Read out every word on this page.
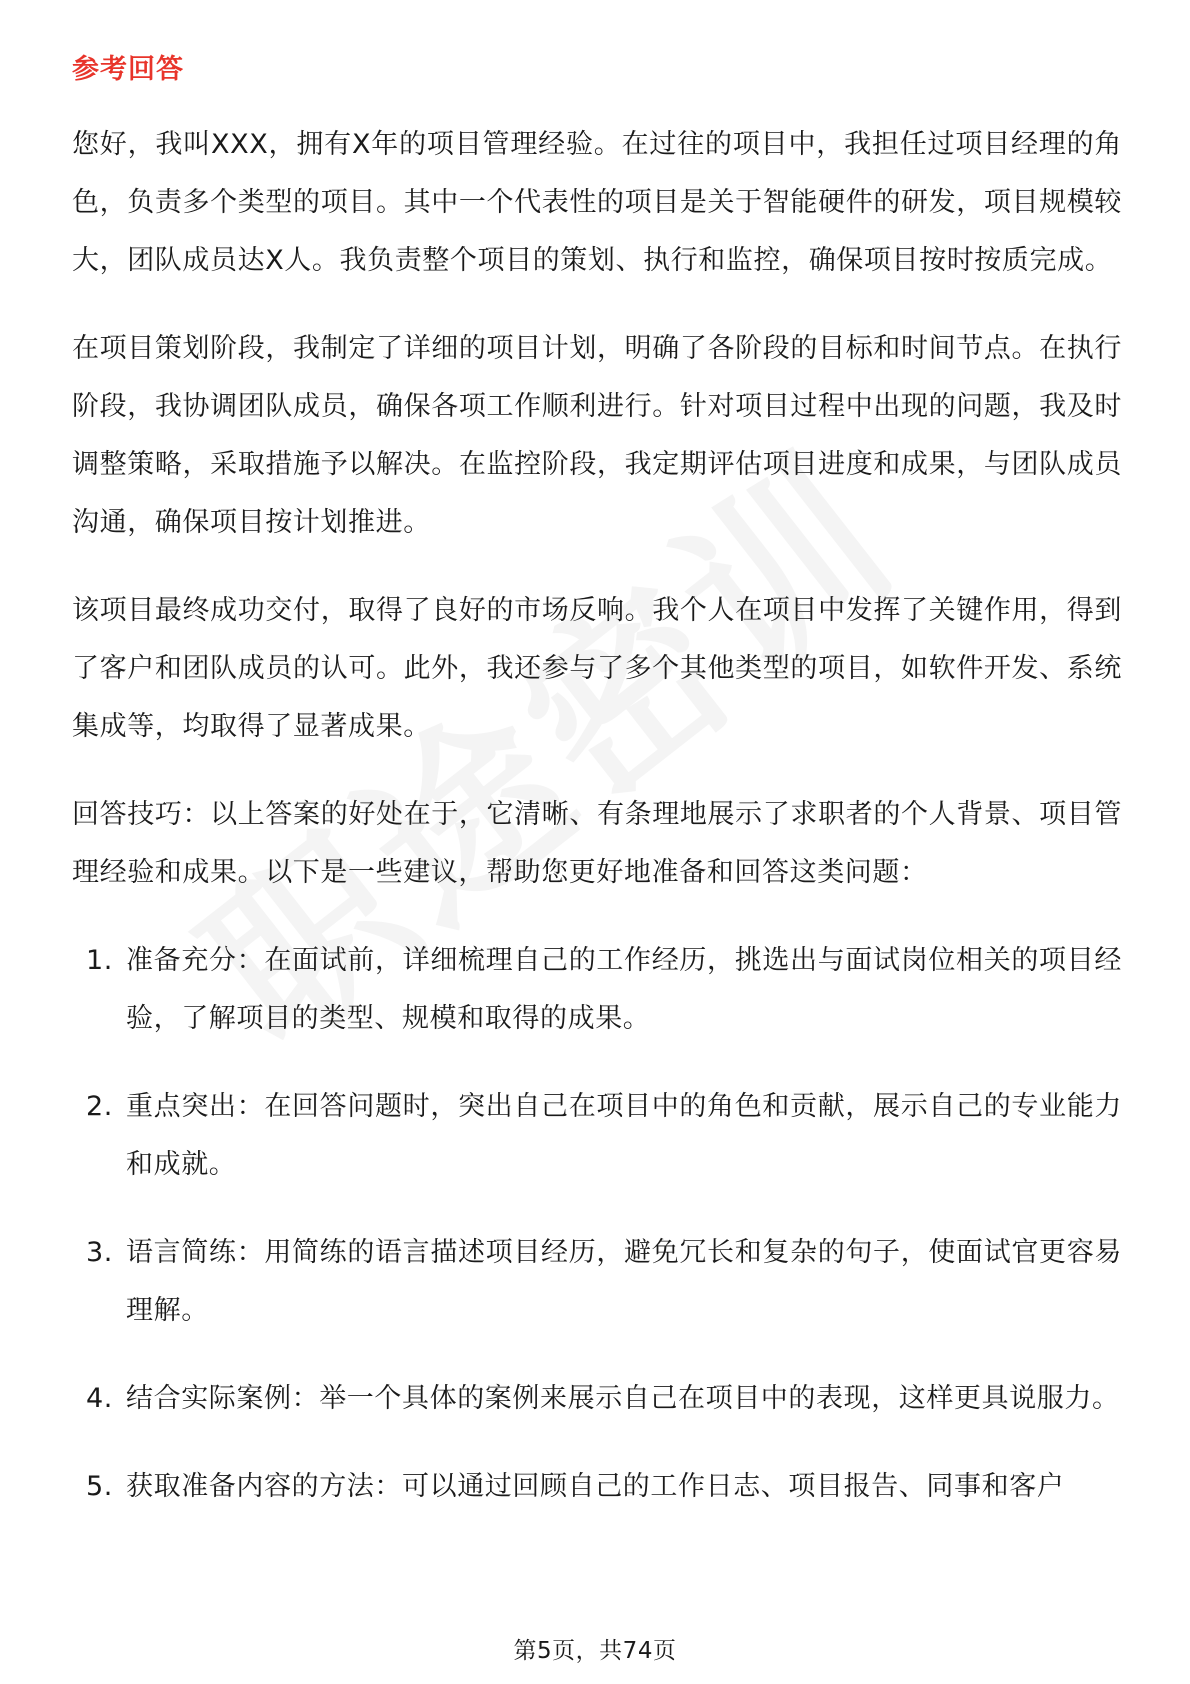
参考回答

您好，我叫XXX，拥有X年的项目管理经验。在过往的项目中，我担任过项目经理的角色，负责多个类型的项目。其中一个代表性的项目是关于智能硬件的研发，项目规模较大，团队成员达X人。我负责整个项目的策划、执行和监控，确保项目按时按质完成。

在项目策划阶段，我制定了详细的项目计划，明确了各阶段的目标和时间节点。在执行阶段，我协调团队成员，确保各项工作顺利进行。针对项目过程中出现的问题，我及时调整策略，采取措施予以解决。在监控阶段，我定期评估项目进度和成果，与团队成员沟通，确保项目按计划推进。

该项目最终成功交付，取得了良好的市场反响。我个人在项目中发挥了关键作用，得到了客户和团队成员的认可。此外，我还参与了多个其他类型的项目，如软件开发、系统集成等，均取得了显著成果。

回答技巧：以上答案的好处在于，它清晰、有条理地展示了求职者的个人背景、项目管理经验和成果。以下是一些建议，帮助您更好地准备和回答这类问题：

1. 准备充分：在面试前，详细梳理自己的工作经历，挑选出与面试岗位相关的项目经验，了解项目的类型、规模和取得的成果。
2. 重点突出：在回答问题时，突出自己在项目中的角色和贡献，展示自己的专业能力和成就。
3. 语言简练：用简练的语言描述项目经历，避免冗长和复杂的句子，使面试官更容易理解。
4. 结合实际案例：举一个具体的案例来展示自己在项目中的表现，这样更具说服力。
5. 获取准备内容的方法：可以通过回顾自己的工作日志、项目报告、同事和客户
第5页，共74页
